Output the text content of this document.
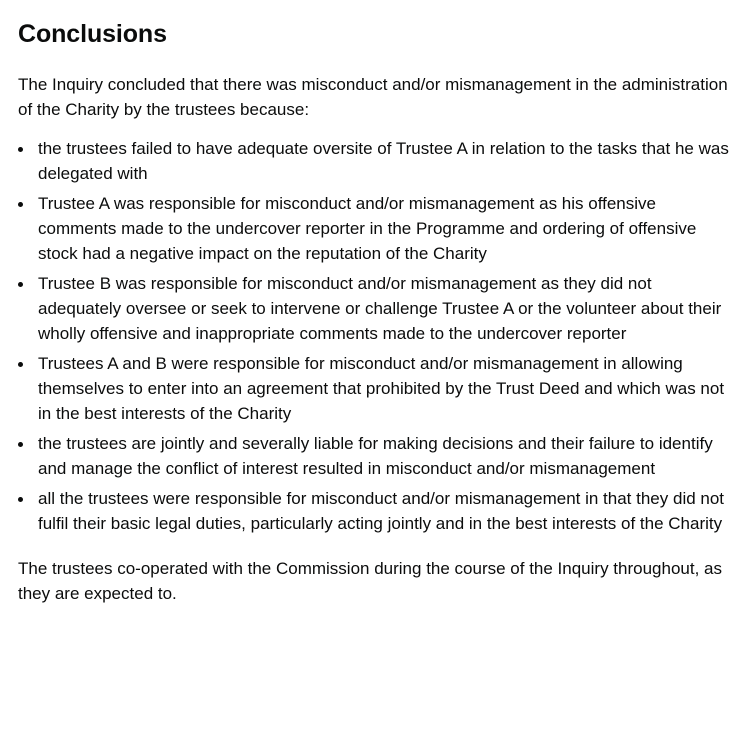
Conclusions

The Inquiry concluded that there was misconduct and/or mismanagement in the administration of the Charity by the trustees because:

the trustees failed to have adequate oversite of Trustee A in relation to the tasks that he was delegated with
Trustee A was responsible for misconduct and/or mismanagement as his offensive comments made to the undercover reporter in the Programme and ordering of offensive stock had a negative impact on the reputation of the Charity
Trustee B was responsible for misconduct and/or mismanagement as they did not adequately oversee or seek to intervene or challenge Trustee A or the volunteer about their wholly offensive and inappropriate comments made to the undercover reporter
Trustees A and B were responsible for misconduct and/or mismanagement in allowing themselves to enter into an agreement that prohibited by the Trust Deed and which was not in the best interests of the Charity
the trustees are jointly and severally liable for making decisions and their failure to identify and manage the conflict of interest resulted in misconduct and/or mismanagement
all the trustees were responsible for misconduct and/or mismanagement in that they did not fulfil their basic legal duties, particularly acting jointly and in the best interests of the Charity

The trustees co-operated with the Commission during the course of the Inquiry throughout, as they are expected to.
